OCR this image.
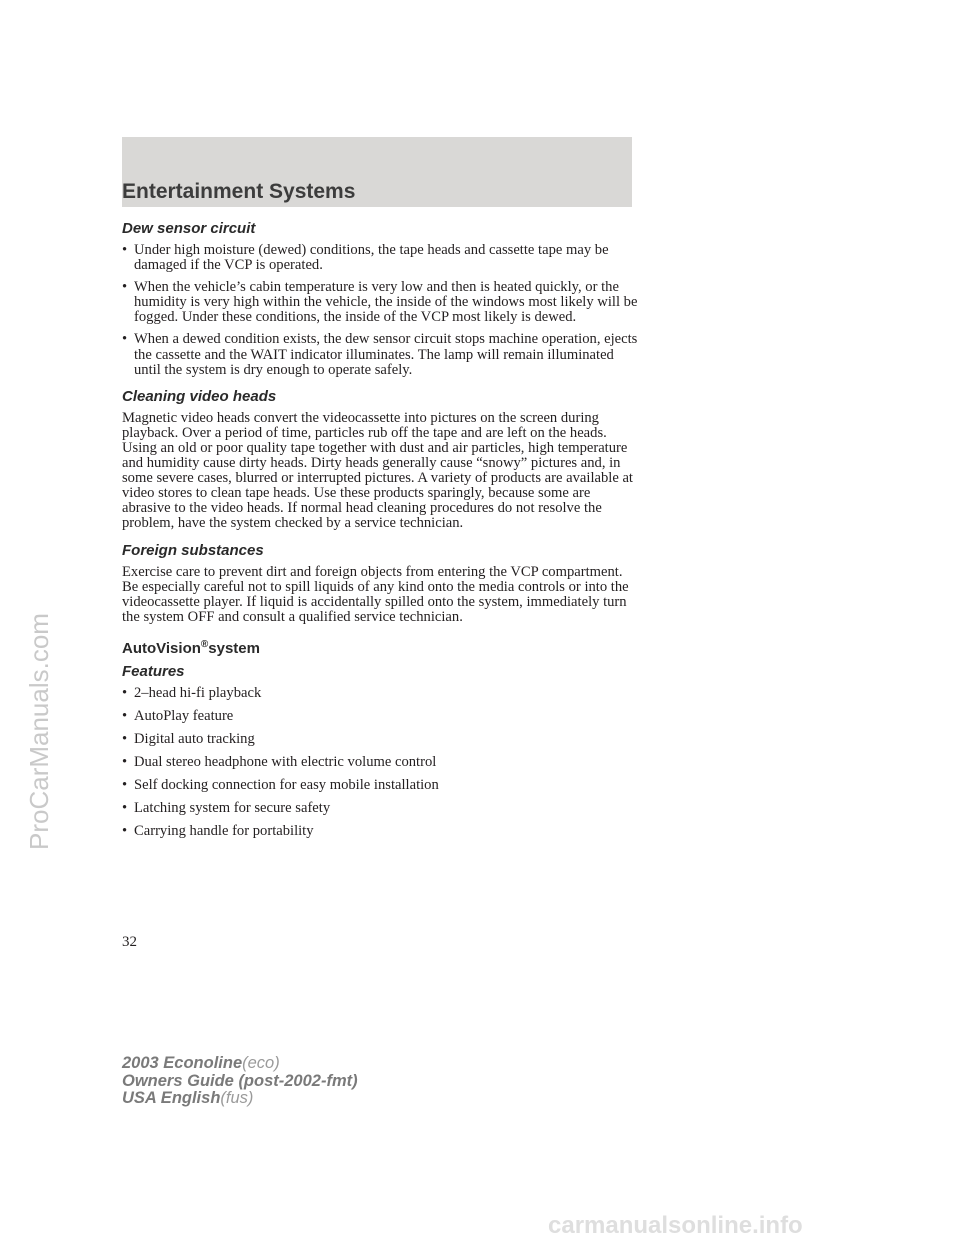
Entertainment Systems
Dew sensor circuit
• Under high moisture (dewed) conditions, the tape heads and cassette tape may be damaged if the VCP is operated.
• When the vehicle’s cabin temperature is very low and then is heated quickly, or the humidity is very high within the vehicle, the inside of the windows most likely will be fogged. Under these conditions, the inside of the VCP most likely is dewed.
• When a dewed condition exists, the dew sensor circuit stops machine operation, ejects the cassette and the WAIT indicator illuminates. The lamp will remain illuminated until the system is dry enough to operate safely.
Cleaning video heads

Magnetic video heads convert the videocassette into pictures on the screen during playback. Over a period of time, particles rub off the tape and are left on the heads. Using an old or poor quality tape together with dust and air particles, high temperature and humidity cause dirty heads. Dirty heads generally cause “snowy” pictures and, in some severe cases, blurred or interrupted pictures. A variety of products are available at video stores to clean tape heads. Use these products sparingly, because some are abrasive to the video heads. If normal head cleaning procedures do not resolve the problem, have the system checked by a service technician.

Foreign substances

Exercise care to prevent dirt and foreign objects from entering the VCP compartment. Be especially careful not to spill liquids of any kind onto the media controls or into the videocassette player. If liquid is accidentally spilled onto the system, immediately turn the system OFF and consult a qualified service technician.

AutoVision®system
Features
• 2–head hi-fi playback
• AutoPlay feature
• Digital auto tracking
• Dual stereo headphone with electric volume control
• Self docking connection for easy mobile installation
• Latching system for secure safety
• Carrying handle for portability
32
2003 Econoline(eco)
Owners Guide (post-2002-fmt)
USA English(fus)
ProCarManuals.com
carmanualsonline.info
